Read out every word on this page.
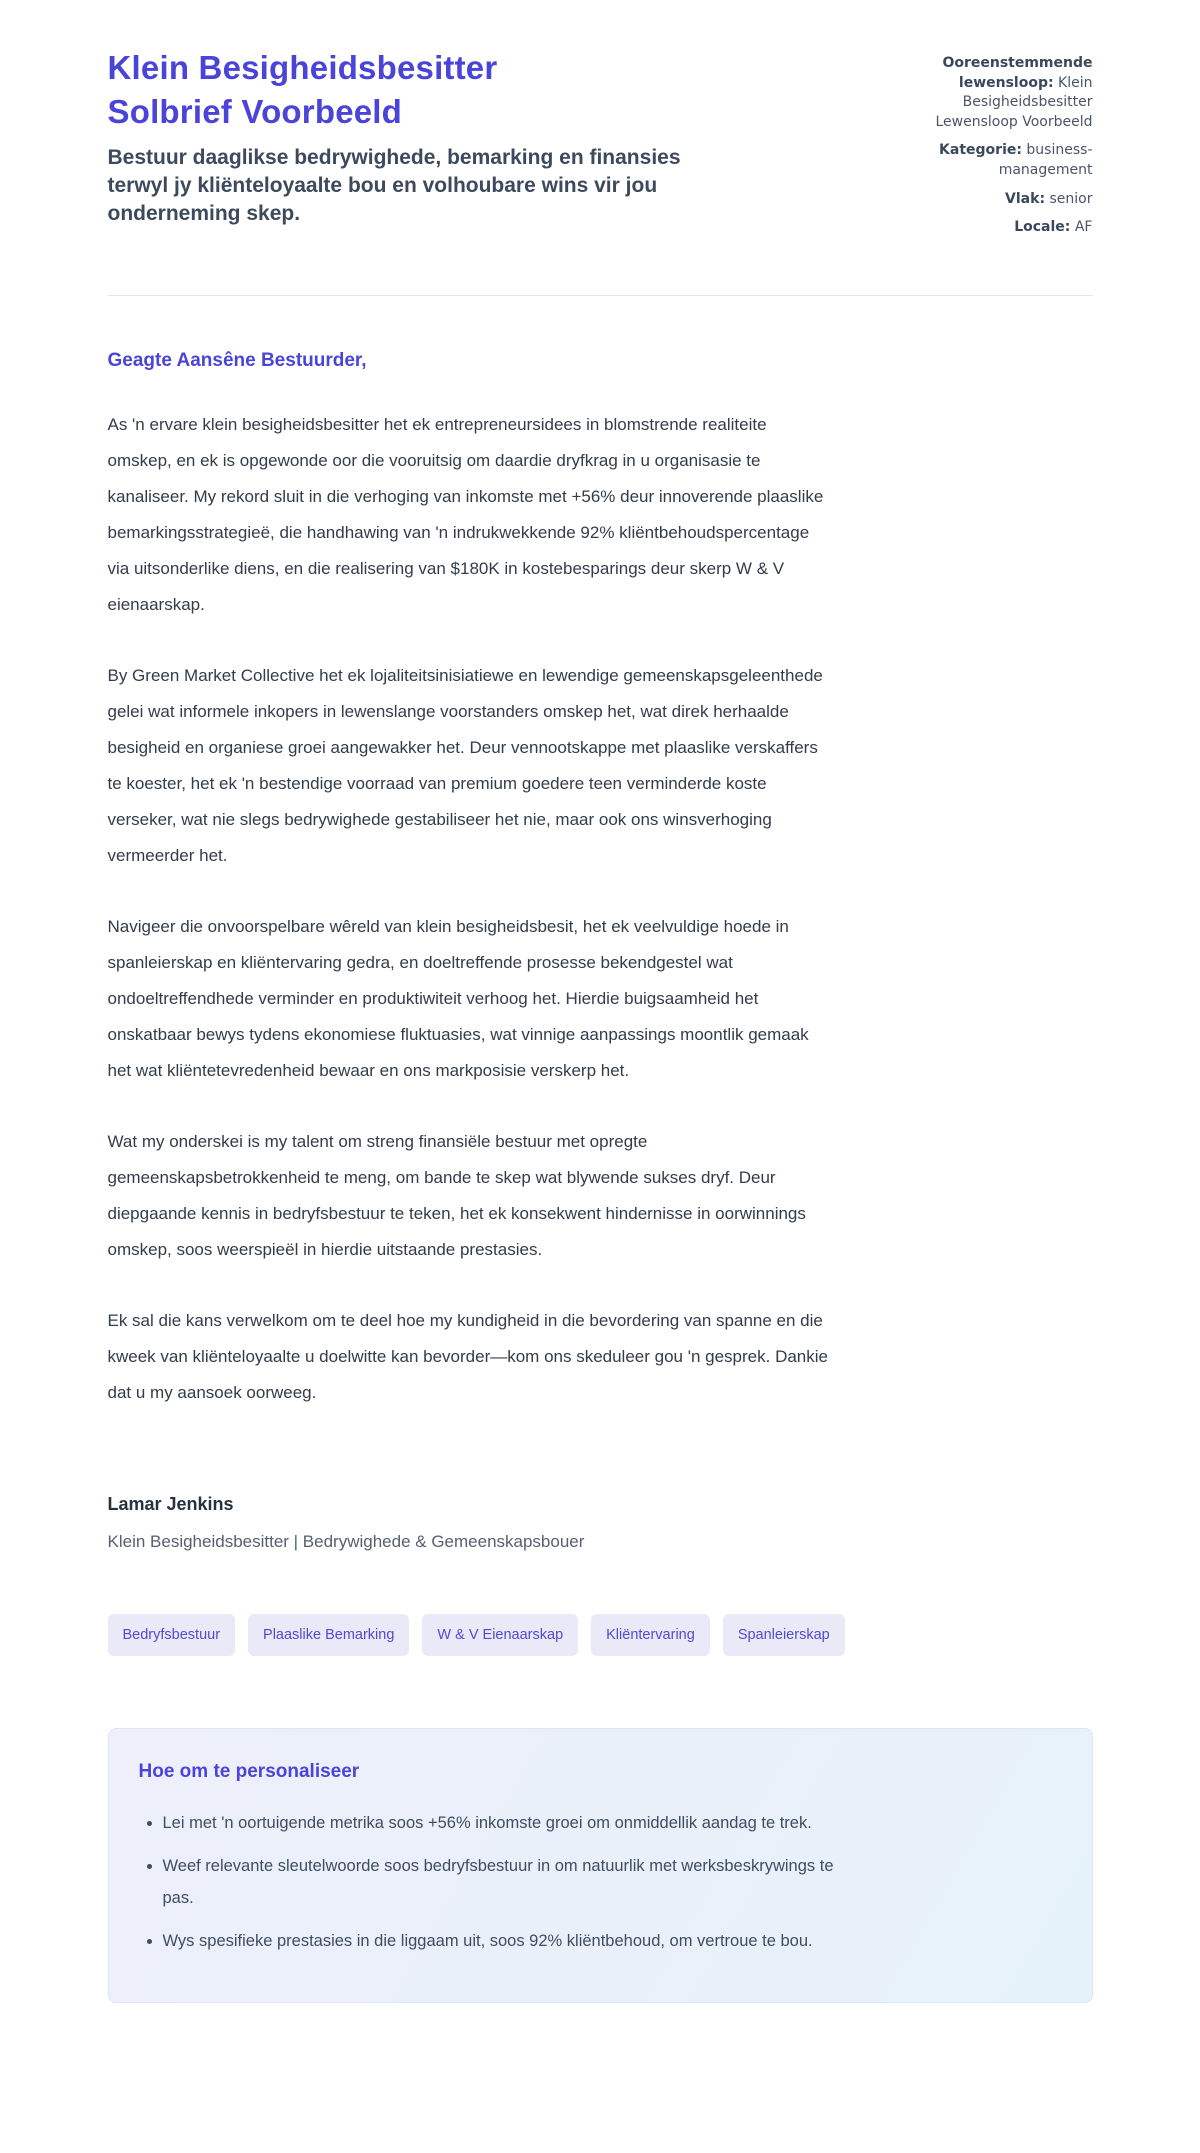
Klein Besigheidsbesitter Solbrief Voorbeeld
Bestuur daaglikse bedrywighede, bemarking en finansies terwyl jy kliënteloyaalte bou en volhoubare wins vir jou onderneming skep.
Ooreenstemmende lewensloop: Klein Besigheidsbesitter Lewensloop Voorbeeld
Kategorie: business-management
Vlak: senior
Locale: AF
Geagte Aansêne Bestuurder,

As 'n ervare klein besigheidsbesitter het ek entrepreneursidees in blomstrende realiteite omskep, en ek is opgewonde oor die vooruitsig om daardie dryfkrag in u organisasie te kanaliseer. My rekord sluit in die verhoging van inkomste met +56% deur innoverende plaaslike bemarkingsstrategieë, die handhawing van 'n indrukwekkende 92% kliëntbehoudspercentage via uitsonderlike diens, en die realisering van $180K in kostebesparings deur skerp W & V eienaarskap.

By Green Market Collective het ek lojaliteitsinisiatiewe en lewendige gemeenskapsgeleenthede gelei wat informele inkopers in lewenslange voorstanders omskep het, wat direk herhaalde besigheid en organiese groei aangewakker het. Deur vennootskappe met plaaslike verskaffers te koester, het ek 'n bestendige voorraad van premium goedere teen verminderde koste verseker, wat nie slegs bedrywighede gestabiliseer het nie, maar ook ons winsverhoging vermeerder het.

Navigeer die onvoorspelbare wêreld van klein besigheidsbesit, het ek veelvuldige hoede in spanleierskap en kliëntervaring gedra, en doeltreffende prosesse bekendgestel wat ondoeltreffendhede verminder en produktiwiteit verhoog het. Hierdie buigsaamheid het onskatbaar bewys tydens ekonomiese fluktuasies, wat vinnige aanpassings moontlik gemaak het wat kliëntetevredenheid bewaar en ons markposisie verskerp het.

Wat my onderskei is my talent om streng finansiële bestuur met opregte gemeenskapsbetrokkenheid te meng, om bande te skep wat blywende sukses dryf. Deur diepgaande kennis in bedryfsbestuur te teken, het ek konsekwent hindernisse in oorwinnings omskep, soos weerspieël in hierdie uitstaande prestasies.

Ek sal die kans verwelkom om te deel hoe my kundigheid in die bevordering van spanne en die kweek van kliënteloyaalte u doelwitte kan bevorder—kom ons skeduleer gou 'n gesprek. Dankie dat u my aansoek oorweeg.

Lamar Jenkins
Klein Besigheidsbesitter | Bedrywighede & Gemeenskapsbouer
Bedryfsbestuur	Plaaslike Bemarking	W & V Eienaarskap	Kliëntervaring	Spanleierskap
Hoe om te personaliseer
• Lei met 'n oortuigende metrika soos +56% inkomste groei om onmiddellik aandag te trek.
• Weef relevante sleutelwoorde soos bedryfsbestuur in om natuurlik met werksbeskrywings te pas.
• Wys spesifieke prestasies in die liggaam uit, soos 92% kliëntbehoud, om vertroue te bou.
